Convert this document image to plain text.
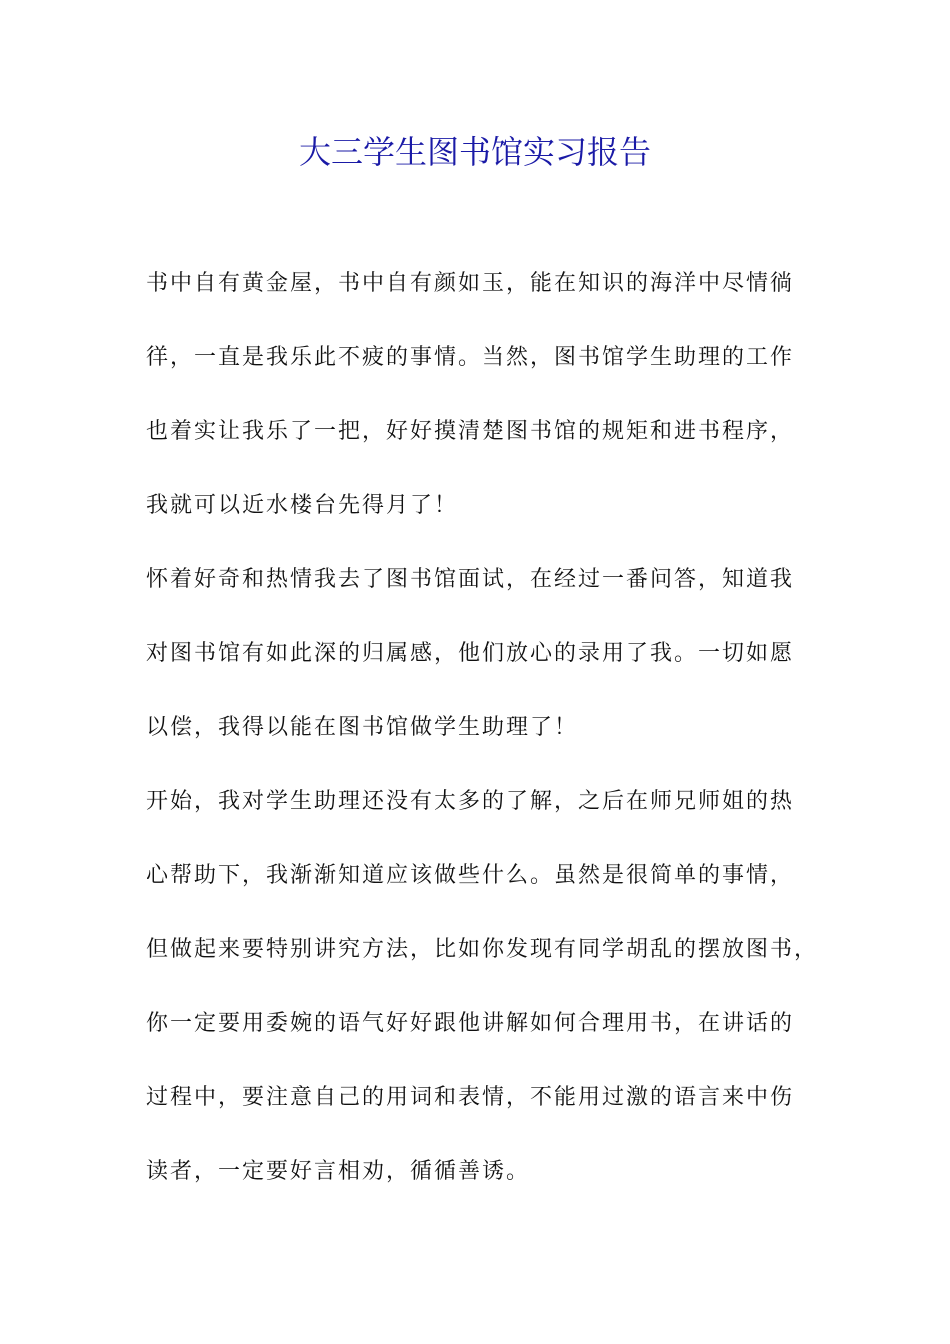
大三学生图书馆实习报告
书中自有黄金屋，书中自有颜如玉，能在知识的海洋中尽情徜
徉，一直是我乐此不疲的事情。当然，图书馆学生助理的工作
也着实让我乐了一把，好好摸清楚图书馆的规矩和进书程序，
我就可以近水楼台先得月了！
怀着好奇和热情我去了图书馆面试，在经过一番问答，知道我
对图书馆有如此深的归属感，他们放心的录用了我。一切如愿
以偿，我得以能在图书馆做学生助理了！
开始，我对学生助理还没有太多的了解，之后在师兄师姐的热
心帮助下，我渐渐知道应该做些什么。虽然是很简单的事情，
但做起来要特别讲究方法，比如你发现有同学胡乱的摆放图书，
你一定要用委婉的语气好好跟他讲解如何合理用书，在讲话的
过程中，要注意自己的用词和表情，不能用过激的语言来中伤
读者，一定要好言相劝，循循善诱。
